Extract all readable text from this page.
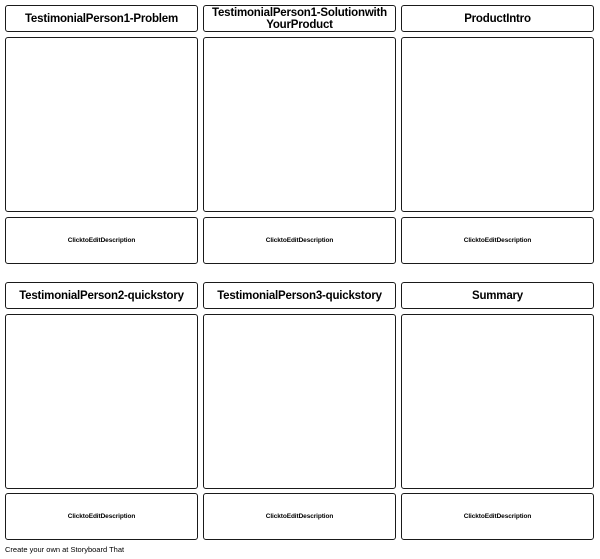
TestimonialPerson1-Problem	TestimonialPerson1-Solutionwith YourProduct	ProductIntro
ClicktoEditDescription	ClicktoEditDescription	ClicktoEditDescription
TestimonialPerson2-quickstory	TestimonialPerson3-quickstory	Summary
ClicktoEditDescription	ClicktoEditDescription	ClicktoEditDescription
Create your own at Storyboard That
